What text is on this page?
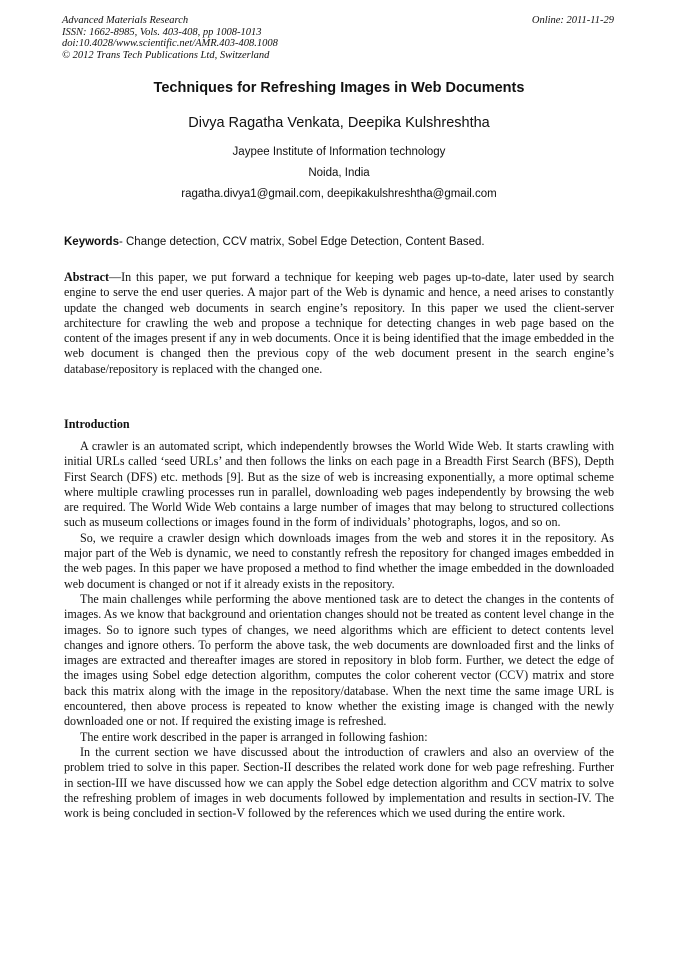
Advanced Materials Research
ISSN: 1662-8985, Vols. 403-408, pp 1008-1013
doi:10.4028/www.scientific.net/AMR.403-408.1008
© 2012 Trans Tech Publications Ltd, Switzerland
Online: 2011-11-29
Techniques for Refreshing Images in Web Documents
Divya Ragatha Venkata, Deepika Kulshreshtha
Jaypee Institute of Information technology
Noida, India
ragatha.divya1@gmail.com, deepikakulshreshtha@gmail.com
Keywords- Change detection, CCV matrix, Sobel Edge Detection, Content Based.
Abstract—In this paper, we put forward a technique for keeping web pages up-to-date, later used by search engine to serve the end user queries. A major part of the Web is dynamic and hence, a need arises to constantly update the changed web documents in search engine’s repository. In this paper we used the client-server architecture for crawling the web and propose a technique for detecting changes in web page based on the content of the images present if any in web documents. Once it is being identified that the image embedded in the web document is changed then the previous copy of the web document present in the search engine’s database/repository is replaced with the changed one.
Introduction

A crawler is an automated script, which independently browses the World Wide Web. It starts crawling with initial URLs called ‘seed URLs’ and then follows the links on each page in a Breadth First Search (BFS), Depth First Search (DFS) etc. methods [9]. But as the size of web is increasing exponentially, a more optimal scheme where multiple crawling processes run in parallel, downloading web pages independently by browsing the web are required. The World Wide Web contains a large number of images that may belong to structured collections such as museum collections or images found in the form of individuals’ photographs, logos, and so on.

So, we require a crawler design which downloads images from the web and stores it in the repository. As major part of the Web is dynamic, we need to constantly refresh the repository for changed images embedded in the web pages. In this paper we have proposed a method to find whether the image embedded in the downloaded web document is changed or not if it already exists in the repository.

The main challenges while performing the above mentioned task are to detect the changes in the contents of images. As we know that background and orientation changes should not be treated as content level change in the images. So to ignore such types of changes, we need algorithms which are efficient to detect contents level changes and ignore others. To perform the above task, the web documents are downloaded first and the links of images are extracted and thereafter images are stored in repository in blob form. Further, we detect the edge of the images using Sobel edge detection algorithm, computes the color coherent vector (CCV) matrix and store back this matrix along with the image in the repository/database. When the next time the same image URL is encountered, then above process is repeated to know whether the existing image is changed with the newly downloaded one or not. If required the existing image is refreshed.

The entire work described in the paper is arranged in following fashion:

In the current section we have discussed about the introduction of crawlers and also an overview of the problem tried to solve in this paper. Section-II describes the related work done for web page refreshing. Further in section-III we have discussed how we can apply the Sobel edge detection algorithm and CCV matrix to solve the refreshing problem of images in web documents followed by implementation and results in section-IV. The work is being concluded in section-V followed by the references which we used during the entire work.
